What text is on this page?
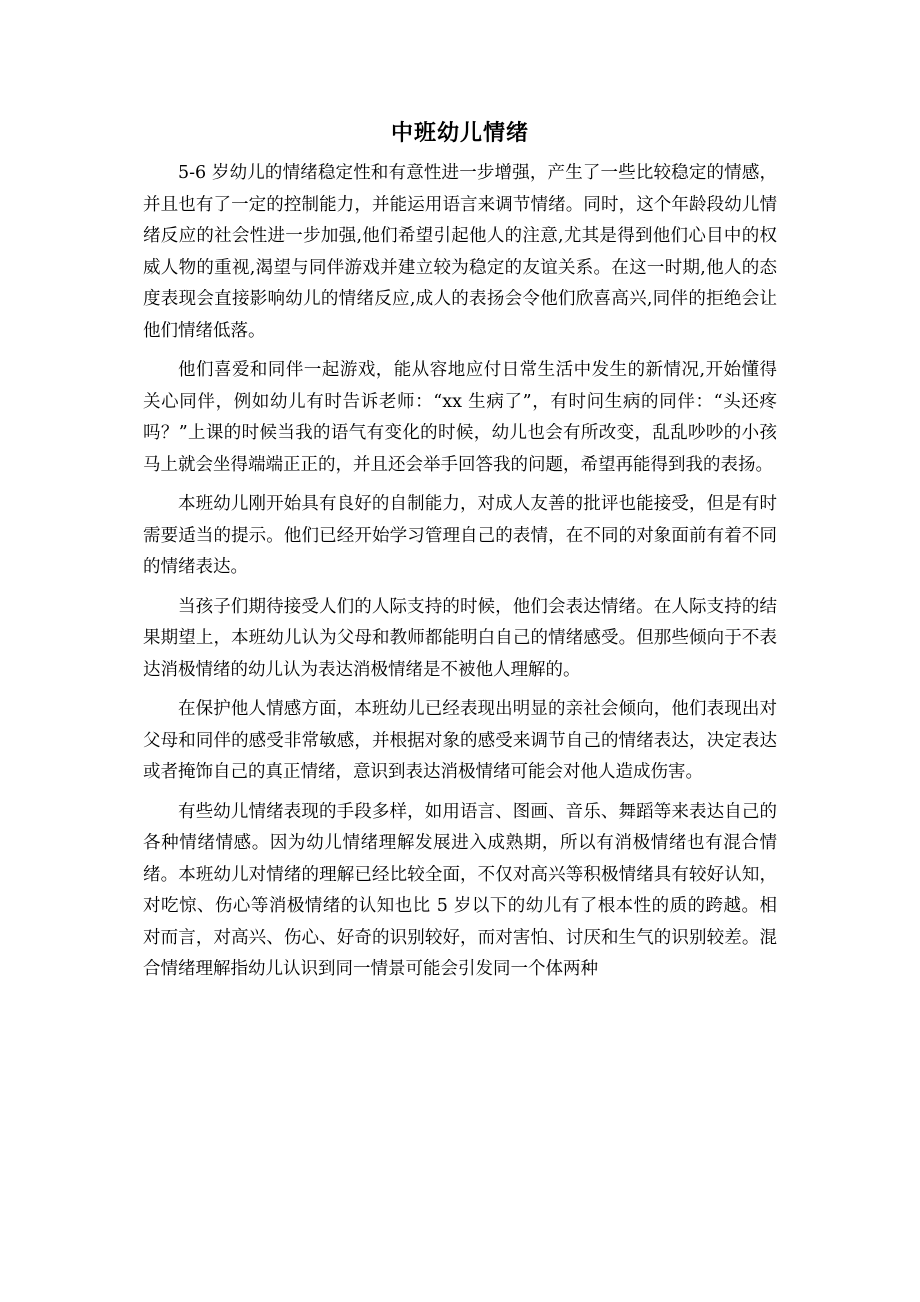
中班幼儿情绪

5-6 岁幼儿的情绪稳定性和有意性进一步增强，产生了一些比较稳定的情感，并且也有了一定的控制能力，并能运用语言来调节情绪。同时，这个年龄段幼儿情绪反应的社会性进一步加强,他们希望引起他人的注意,尤其是得到他们心目中的权威人物的重视,渴望与同伴游戏并建立较为稳定的友谊关系。在这一时期,他人的态度表现会直接影响幼儿的情绪反应,成人的表扬会令他们欣喜高兴,同伴的拒绝会让他们情绪低落。

他们喜爱和同伴一起游戏，能从容地应付日常生活中发生的新情况,开始懂得关心同伴，例如幼儿有时告诉老师：“xx 生病了”，有时问生病的同伴：“头还疼吗？”上课的时候当我的语气有变化的时候，幼儿也会有所改变，乱乱吵吵的小孩马上就会坐得端端正正的，并且还会举手回答我的问题，希望再能得到我的表扬。

本班幼儿刚开始具有良好的自制能力，对成人友善的批评也能接受，但是有时需要适当的提示。他们已经开始学习管理自己的表情，在不同的对象面前有着不同的情绪表达。

当孩子们期待接受人们的人际支持的时候，他们会表达情绪。在人际支持的结果期望上，本班幼儿认为父母和教师都能明白自己的情绪感受。但那些倾向于不表达消极情绪的幼儿认为表达消极情绪是不被他人理解的。

在保护他人情感方面，本班幼儿已经表现出明显的亲社会倾向，他们表现出对父母和同伴的感受非常敏感，并根据对象的感受来调节自己的情绪表达，决定表达或者掩饰自己的真正情绪，意识到表达消极情绪可能会对他人造成伤害。

有些幼儿情绪表现的手段多样，如用语言、图画、音乐、舞蹈等来表达自己的各种情绪情感。因为幼儿情绪理解发展进入成熟期，所以有消极情绪也有混合情绪。本班幼儿对情绪的理解已经比较全面，不仅对高兴等积极情绪具有较好认知，对吃惊、伤心等消极情绪的认知也比 5 岁以下的幼儿有了根本性的质的跨越。相对而言，对高兴、伤心、好奇的识别较好，而对害怕、讨厌和生气的识别较差。混合情绪理解指幼儿认识到同一情景可能会引发同一个体两种
